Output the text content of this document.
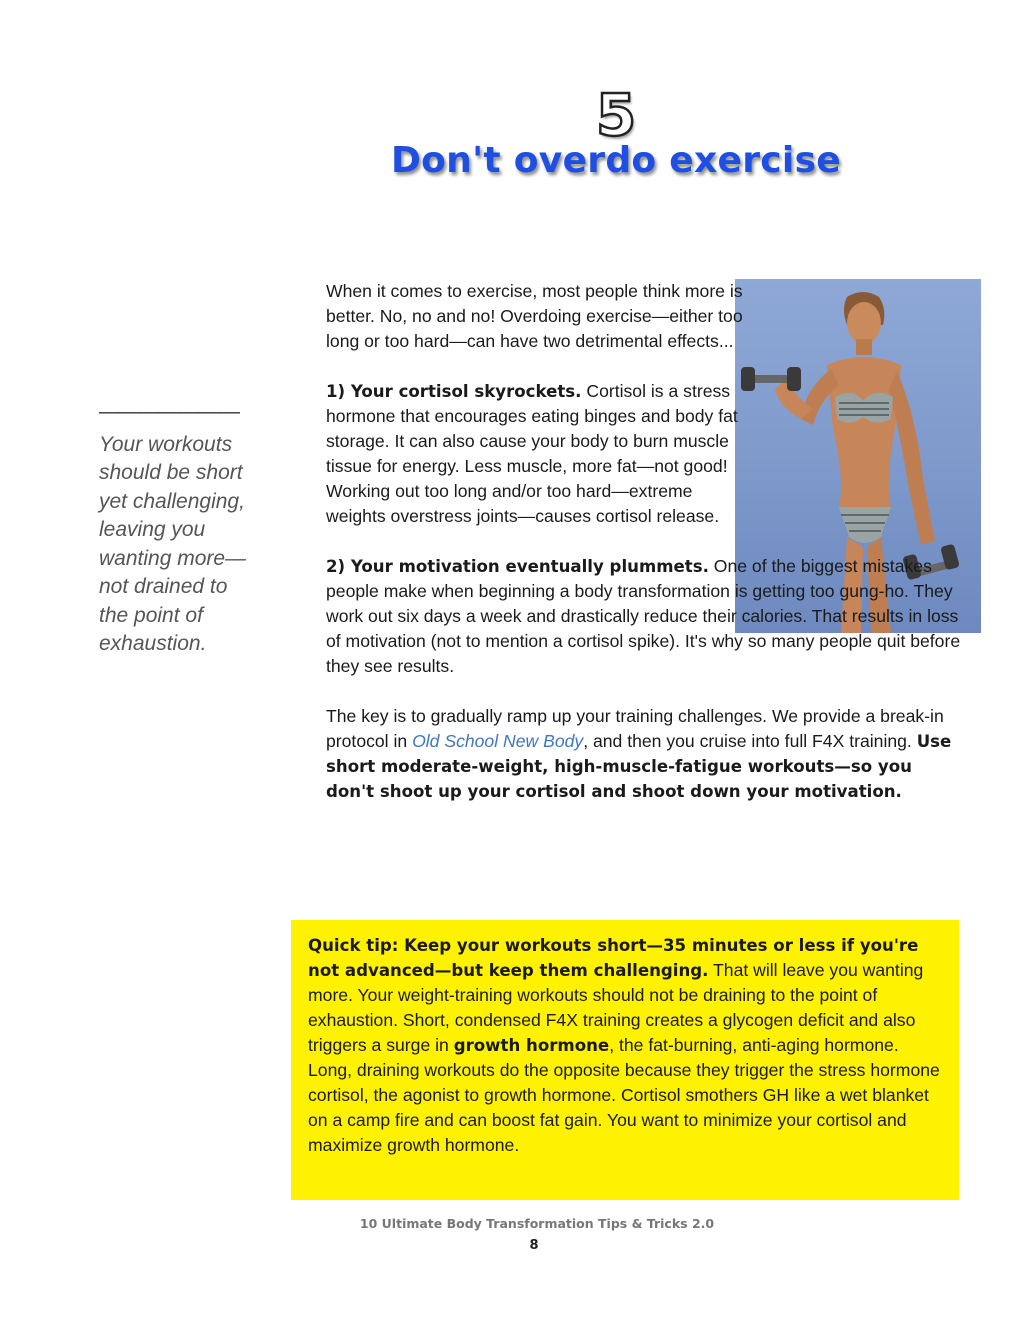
5
Don't overdo exercise
———————
Your workouts should be short yet challenging, leaving you wanting more—not drained to the point of exhaustion.

When it comes to exercise, most people think more is better. No, no and no! Overdoing exercise—either too long or too hard—can have two detrimental effects...

1) Your cortisol skyrockets. Cortisol is a stress hormone that encourages eating binges and body fat storage. It can also cause your body to burn muscle tissue for energy. Less muscle, more fat—not good! Working out too long and/or too hard—extreme weights overstress joints—causes cortisol release.

2) Your motivation eventually plummets. One of the biggest mistakes people make when beginning a body transformation is getting too gung-ho. They work out six days a week and drastically reduce their calories. That results in loss of motivation (not to mention a cortisol spike). It's why so many people quit before they see results.

The key is to gradually ramp up your training challenges. We provide a break-in protocol in Old School New Body, and then you cruise into full F4X training. Use short moderate-weight, high-muscle-fatigue workouts—so you don't shoot up your cortisol and shoot down your motivation.

Quick tip: Keep your workouts short—35 minutes or less if you're not advanced—but keep them challenging. That will leave you wanting more. Your weight-training workouts should not be draining to the point of exhaustion. Short, condensed F4X training creates a glycogen deficit and also triggers a surge in growth hormone, the fat-burning, anti-aging hormone. Long, draining workouts do the opposite because they trigger the stress hormone cortisol, the agonist to growth hormone. Cortisol smothers GH like a wet blanket on a camp fire and can boost fat gain. You want to minimize your cortisol and maximize growth hormone.
10 Ultimate Body Transformation Tips & Tricks 2.0
8
